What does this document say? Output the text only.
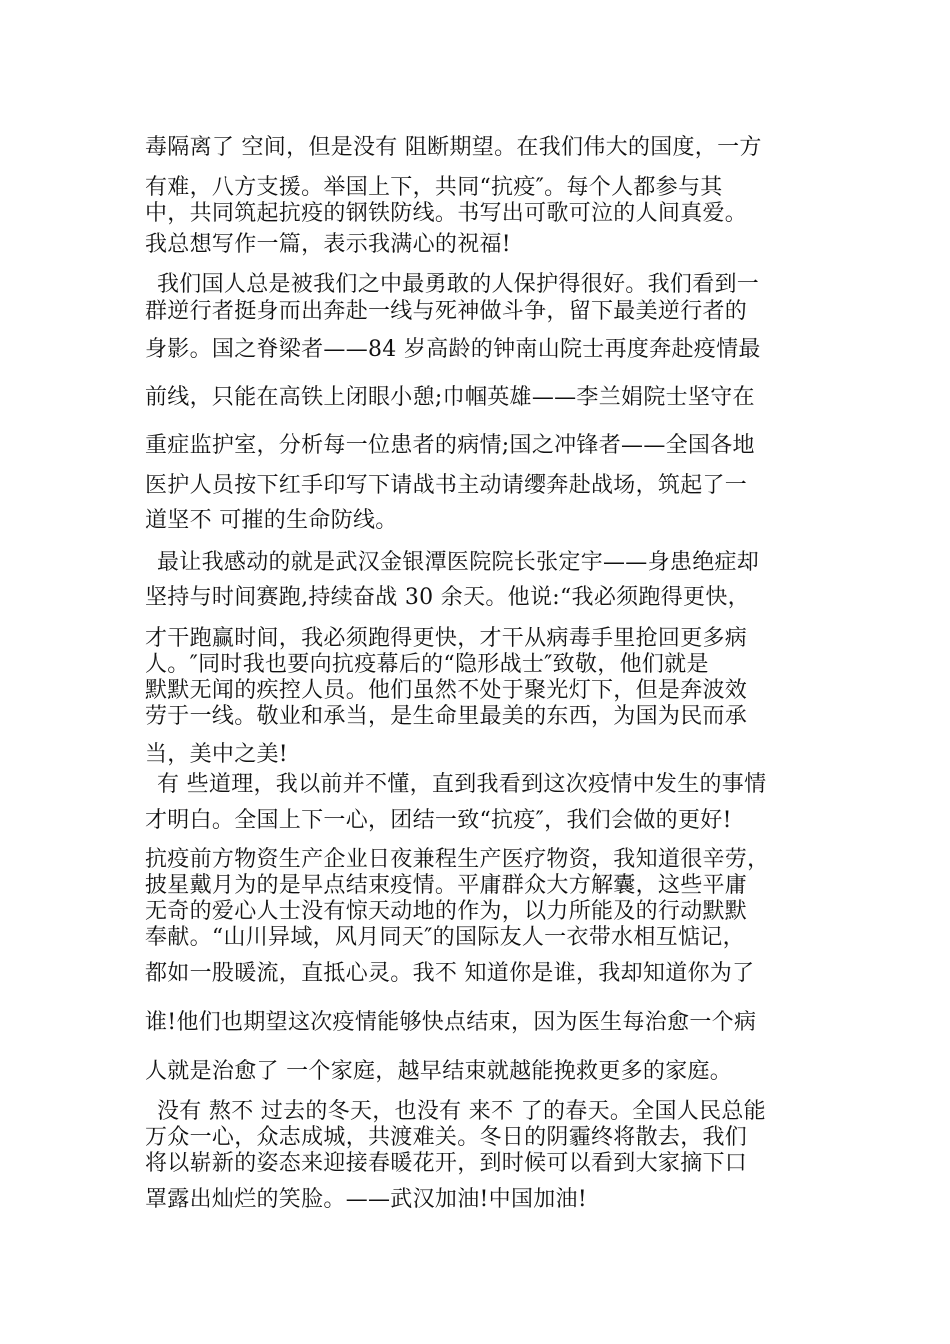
毒隔离了 空间，但是没有 阻断期望。在我们伟大的国度，一方

有难，八方支援。举国上下，共同“抗疫″。每个人都参与其

中，共同筑起抗疫的钢铁防线。书写出可歌可泣的人间真爱。

我总想写作一篇，表示我满心的祝福!

我们国人总是被我们之中最勇敢的人保护得很好。我们看到一

群逆行者挺身而出奔赴一线与死神做斗争，留下最美逆行者的

身影。国之脊梁者——84 岁高龄的钟南山院士再度奔赴疫情最

前线，只能在高铁上闭眼小憩;巾帼英雄——李兰娟院士坚守在

重症监护室，分析每一位患者的病情;国之冲锋者——全国各地

医护人员按下红手印写下请战书主动请缨奔赴战场，筑起了一

道坚不 可摧的生命防线。

最让我感动的就是武汉金银潭医院院长张定宇——身患绝症却

坚持与时间赛跑,持续奋战 30 余天。他说:“我必须跑得更快，

才干跑赢时间，我必须跑得更快，才干从病毒手里抢回更多病

人。″同时我也要向抗疫幕后的“隐形战士″致敬，他们就是

默默无闻的疾控人员。他们虽然不处于聚光灯下，但是奔波效

劳于一线。敬业和承当，是生命里最美的东西，为国为民而承

当，美中之美!

有 些道理，我以前并不懂，直到我看到这次疫情中发生的事情

才明白。全国上下一心，团结一致“抗疫″，我们会做的更好!

抗疫前方物资生产企业日夜兼程生产医疗物资，我知道很辛劳，

披星戴月为的是早点结束疫情。平庸群众大方解囊，这些平庸

无奇的爱心人士没有惊天动地的作为，以力所能及的行动默默

奉献。“山川异域，风月同天″的国际友人一衣带水相互惦记，

都如一股暖流，直抵心灵。我不 知道你是谁，我却知道你为了

谁!他们也期望这次疫情能够快点结束，因为医生每治愈一个病

人就是治愈了 一个家庭，越早结束就越能挽救更多的家庭。

没有 熬不 过去的冬天，也没有 来不 了的春天。全国人民总能

万众一心，众志成城，共渡难关。冬日的阴霾终将散去，我们

将以崭新的姿态来迎接春暖花开，到时候可以看到大家摘下口

罩露出灿烂的笑脸。——武汉加油!中国加油!
